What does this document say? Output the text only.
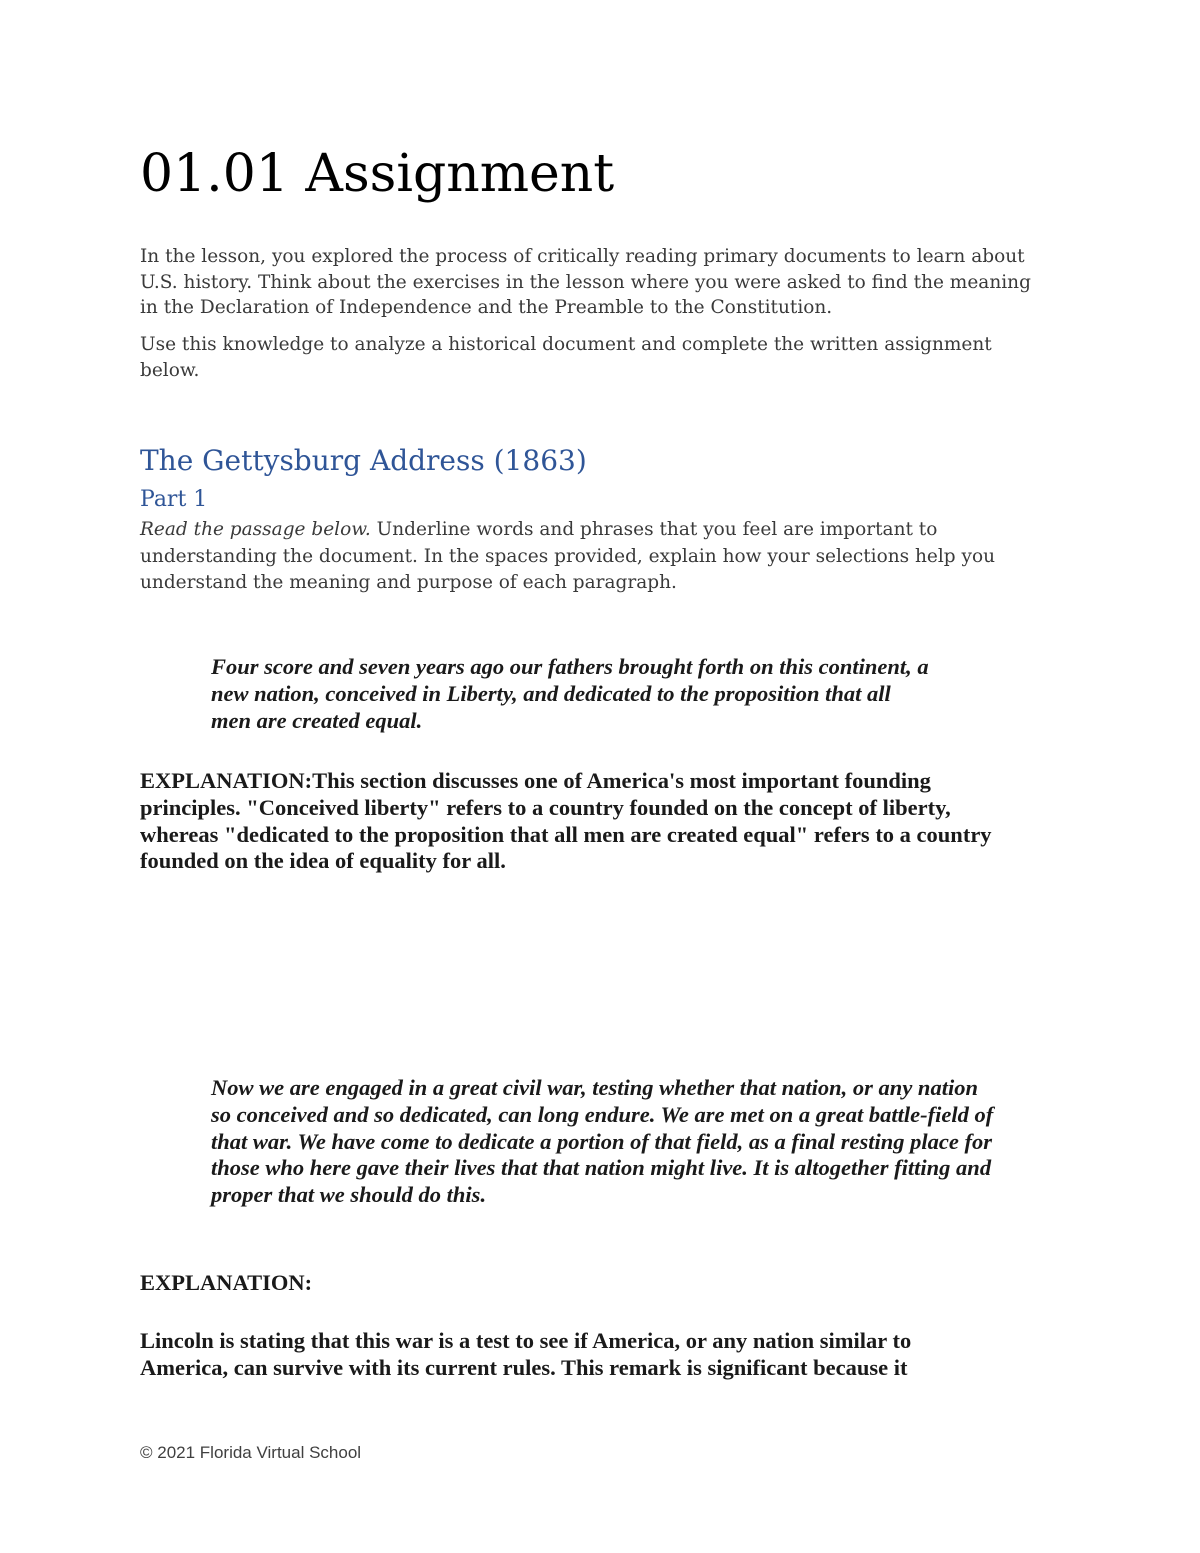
01.01 Assignment

In the lesson, you explored the process of critically reading primary documents to learn about U.S. history. Think about the exercises in the lesson where you were asked to find the meaning in the Declaration of Independence and the Preamble to the Constitution.

Use this knowledge to analyze a historical document and complete the written assignment below.

The Gettysburg Address (1863)
Part 1

Read the passage below. Underline words and phrases that you feel are important to understanding the document. In the spaces provided, explain how your selections help you understand the meaning and purpose of each paragraph.

Four score and seven years ago our fathers brought forth on this continent, a new nation, conceived in Liberty, and dedicated to the proposition that all men are created equal.

EXPLANATION:This section discusses one of America's most important founding principles. "Conceived liberty" refers to a country founded on the concept of liberty, whereas "dedicated to the proposition that all men are created equal" refers to a country founded on the idea of equality for all.

Now we are engaged in a great civil war, testing whether that nation, or any nation so conceived and so dedicated, can long endure. We are met on a great battle-field of that war. We have come to dedicate a portion of that field, as a final resting place for those who here gave their lives that that nation might live. It is altogether fitting and proper that we should do this.

EXPLANATION:

Lincoln is stating that this war is a test to see if America, or any nation similar to America, can survive with its current rules. This remark is significant because it

© 2021 Florida Virtual School
